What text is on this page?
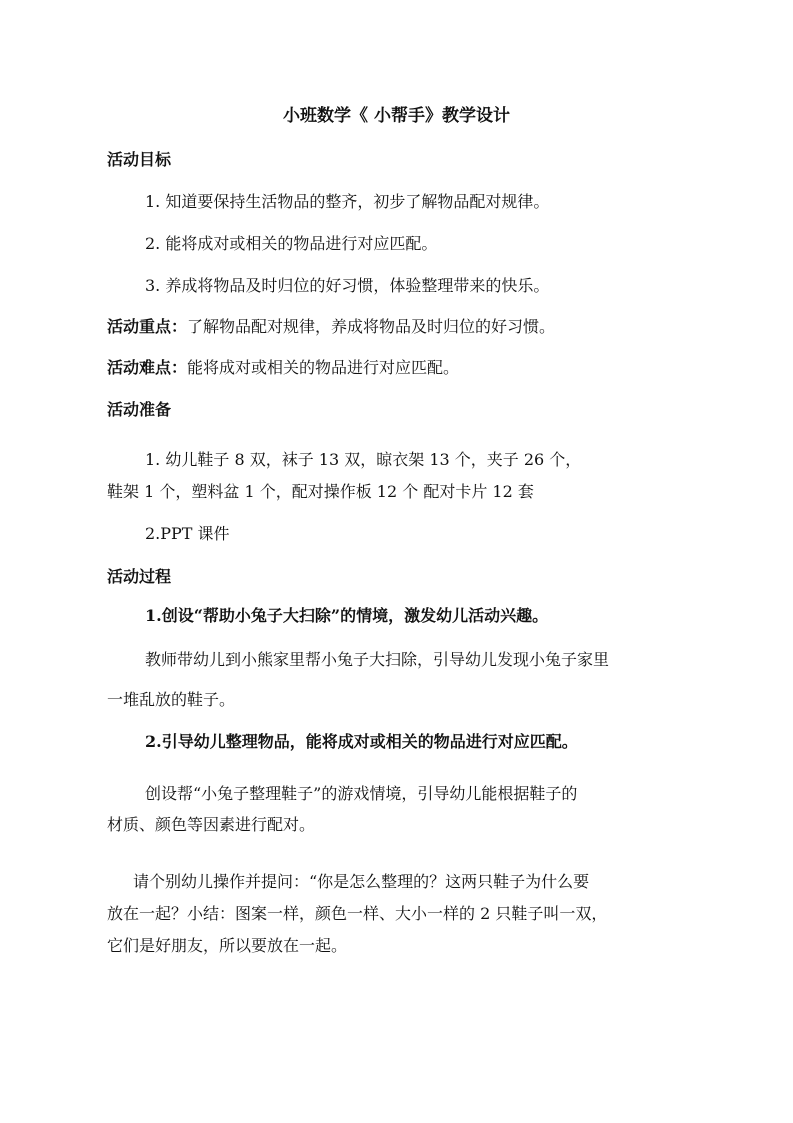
小班数学《 小帮手》教学设计
活动目标
1. 知道要保持生活物品的整齐，初步了解物品配对规律。
2. 能将成对或相关的物品进行对应匹配。
3. 养成将物品及时归位的好习惯，体验整理带来的快乐。
活动重点：了解物品配对规律，养成将物品及时归位的好习惯。
活动难点：能将成对或相关的物品进行对应匹配。
活动准备
1. 幼儿鞋子 8 双，袜子 13 双，晾衣架 13 个，夹子 26 个，
鞋架 1 个，塑料盆 1 个，配对操作板 12 个 配对卡片 12 套
2.PPT 课件
活动过程
1.创设“帮助小兔子大扫除”的情境，激发幼儿活动兴趣。
教师带幼儿到小熊家里帮小兔子大扫除，引导幼儿发现小兔子家里
一堆乱放的鞋子。
2.引导幼儿整理物品，能将成对或相关的物品进行对应匹配。
创设帮“小兔子整理鞋子”的游戏情境，引导幼儿能根据鞋子的
材质、颜色等因素进行配对。
请个别幼儿操作并提问：“你是怎么整理的？这两只鞋子为什么要
放在一起？小结：图案一样，颜色一样、大小一样的 2 只鞋子叫一双，
它们是好朋友，所以要放在一起。
